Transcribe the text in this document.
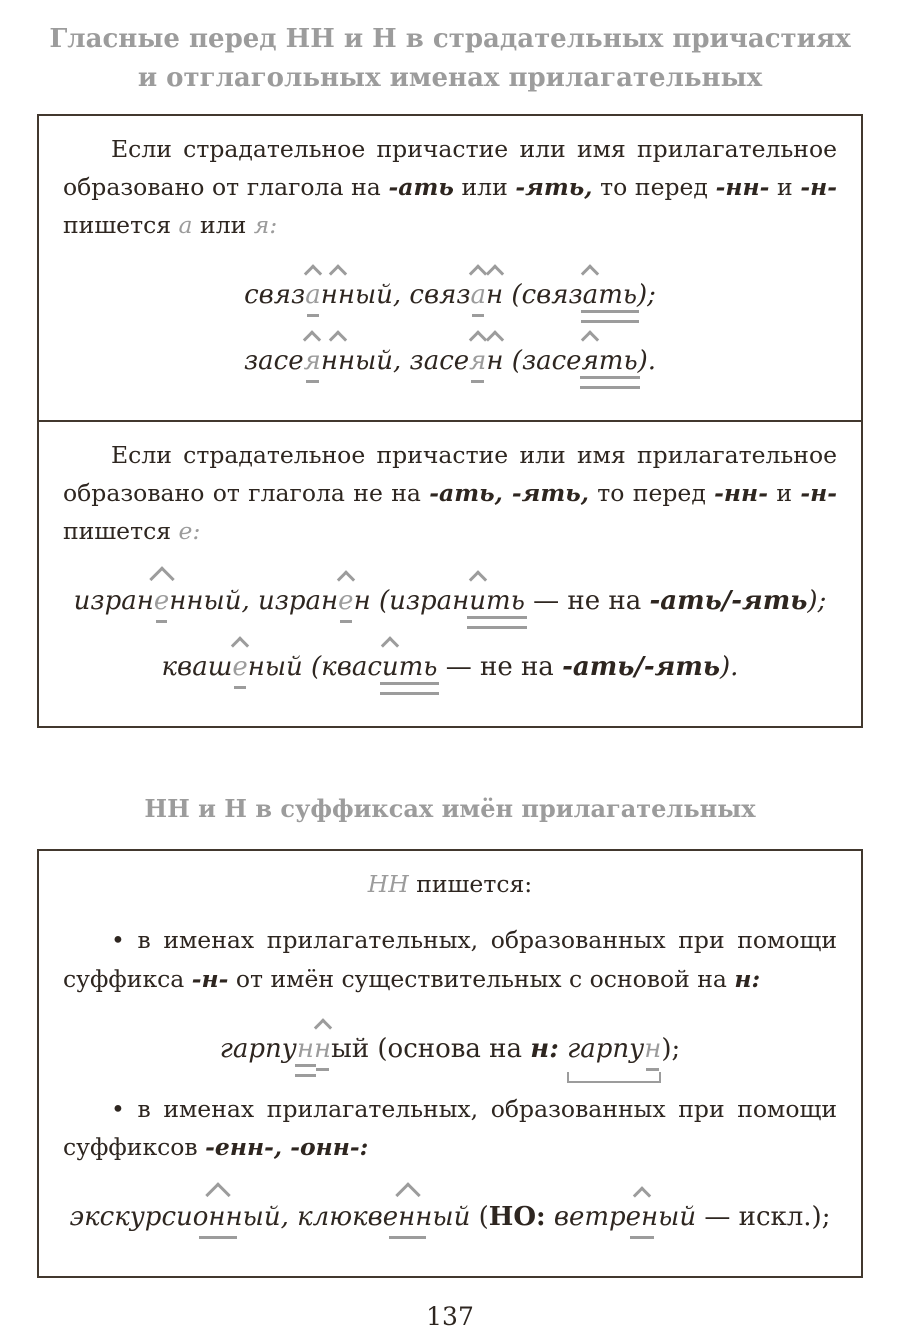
Гласные перед НН и Н в страдательных причастиях
и отглагольных именах прилагательных
Если страдательное причастие или имя прилагательное образовано от глагола на -ать или -ять, то перед -нн- и -н- пишется а или я:
связанный, связан (связать);
засеянный, засеян (засеять).
Если страдательное причастие или имя прилагательное образовано от глагола не на -ать, -ять, то перед -нн- и -н- пишется е:
израненный, изранен (изранить — не на -ать/-ять);
квашеный (квасить — не на -ать/-ять).
НН и Н в суффиксах имён прилагательных
НН пишется:
• в именах прилагательных, образованных при помощи суффикса -н- от имён существительных с основой на н:
гарпунный (основа на н: гарпун);
• в именах прилагательных, образованных при помощи суффиксов -енн-, -онн-:
экскурсионный, клюквенный (НО: ветреный — искл.);
137
